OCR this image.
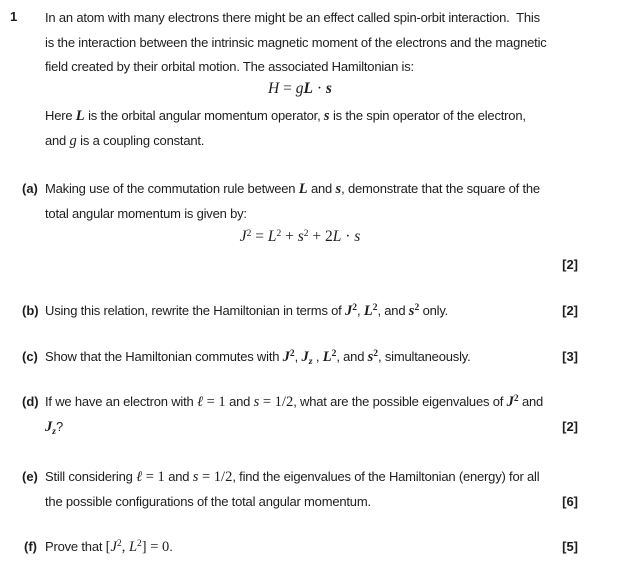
1 In an atom with many electrons there might be an effect called spin-orbit interaction.  This
is the interaction between the intrinsic magnetic moment of the electrons and the magnetic
field created by their orbital motion. The associated Hamiltonian is:
H = gL · s
Here L is the orbital angular momentum operator, s is the spin operator of the electron,
and g is a coupling constant.
(a) Making use of the commutation rule between L and s, demonstrate that the square of the
total angular momentum is given by:
$J^2 = L^2 + s^2 + 2L \cdot s$
[2]
(b) Using this relation, rewrite the Hamiltonian in terms of $J^2$, $L^2$, and $s^2$ only.	[2]
(c) Show that the Hamiltonian commutes with $J^2$, $J_z$ , $L^2$, and $s^2$, simultaneously.	[3]
(d) If we have an electron with ℓ = 1 and s = 1/2, what are the possible eigenvalues of $J^2$ and
$J_z$?	[2]
(e) Still considering ℓ = 1 and s = 1/2, find the eigenvalues of the Hamiltonian (energy) for all
the possible configurations of the total angular momentum.	[6]
(f) Prove that [$J^2$, $L^2] = 0$.	[5]
